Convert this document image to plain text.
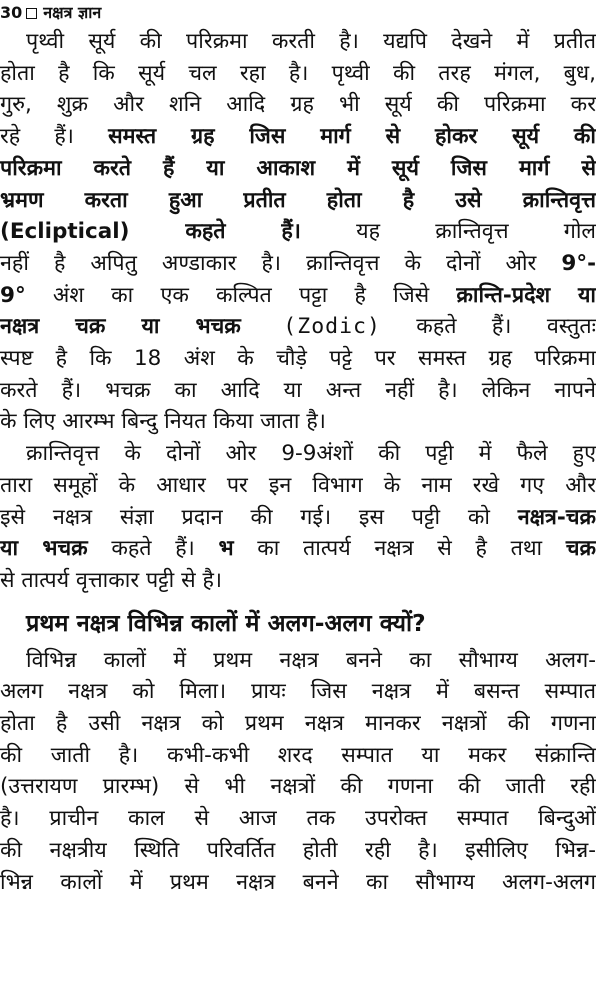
30 नक्षत्र ज्ञान
पृथ्वी सूर्य की परिक्रमा करती है। यद्यपि देखने में प्रतीत
होता है कि सूर्य चल रहा है। पृथ्वी की तरह मंगल, बुध,
गुरु, शुक्र और शनि आदि ग्रह भी सूर्य की परिक्रमा कर
रहे हैं। समस्त ग्रह जिस मार्ग से होकर सूर्य की
परिक्रमा करते हैं या आकाश में सूर्य जिस मार्ग से
भ्रमण करता हुआ प्रतीत होता है उसे क्रान्तिवृत्त
(Ecliptical) कहते हैं। यह क्रान्तिवृत्त गोल
नहीं है अपितु अण्डाकार है। क्रान्तिवृत्त के दोनों ओर 9°-
9° अंश का एक कल्पित पट्टा है जिसे क्रान्ति-प्रदेश या
नक्षत्र चक्र या भचक्र (Zodic) कहते हैं। वस्तुतः
स्पष्ट है कि 18 अंश के चौड़े पट्टे पर समस्त ग्रह परिक्रमा
करते हैं। भचक्र का आदि या अन्त नहीं है। लेकिन नापने
के लिए आरम्भ बिन्दु नियत किया जाता है।
क्रान्तिवृत्त के दोनों ओर 9-9अंशों की पट्टी में फैले हुए
तारा समूहों के आधार पर इन विभाग के नाम रखे गए और
इसे नक्षत्र संज्ञा प्रदान की गई। इस पट्टी को नक्षत्र-चक्र
या भचक्र कहते हैं। भ का तात्पर्य नक्षत्र से है तथा चक्र
से तात्पर्य वृत्ताकार पट्टी से है।
प्रथम नक्षत्र विभिन्न कालों में अलग-अलग क्यों?
विभिन्न कालों में प्रथम नक्षत्र बनने का सौभाग्य अलग-
अलग नक्षत्र को मिला। प्रायः जिस नक्षत्र में बसन्त सम्पात
होता है उसी नक्षत्र को प्रथम नक्षत्र मानकर नक्षत्रों की गणना
की जाती है। कभी-कभी शरद सम्पात या मकर संक्रान्ति
(उत्तरायण प्रारम्भ) से भी नक्षत्रों की गणना की जाती रही
है। प्राचीन काल से आज तक उपरोक्त सम्पात बिन्दुओं
की नक्षत्रीय स्थिति परिवर्तित होती रही है। इसीलिए भिन्न-
भिन्न कालों में प्रथम नक्षत्र बनने का सौभाग्य अलग-अलग
